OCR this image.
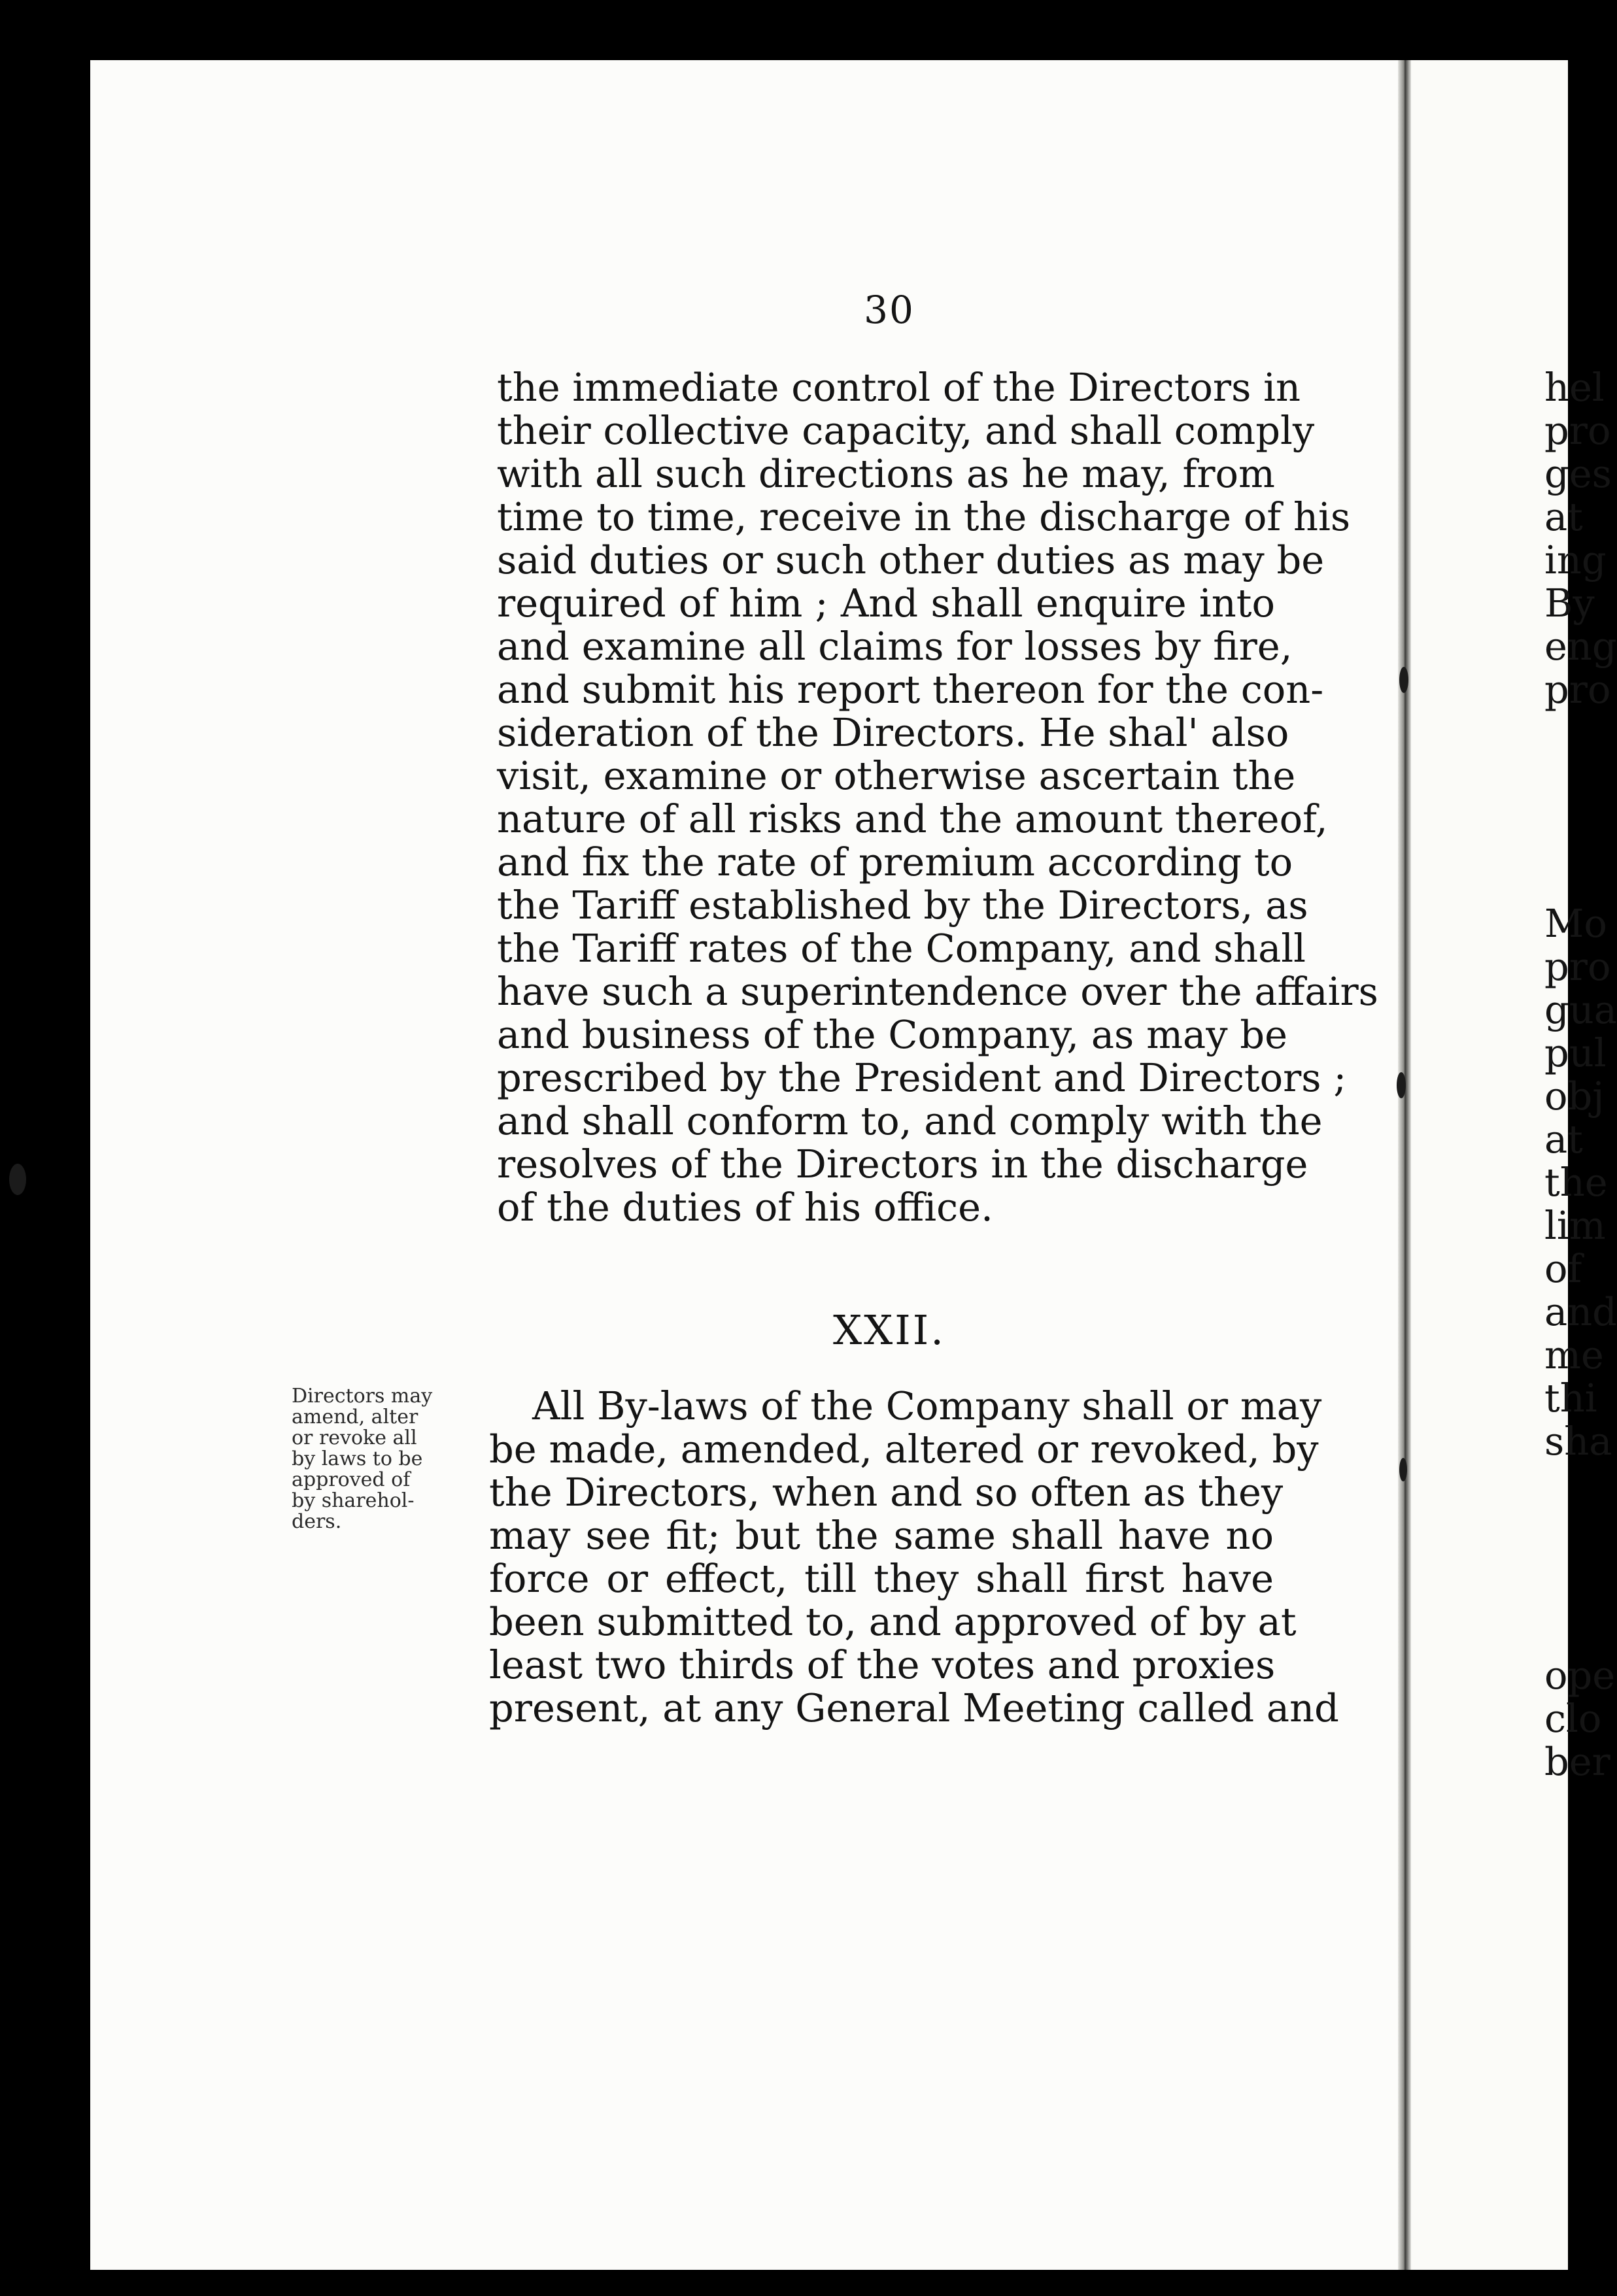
30
the immediate control of the Directors in
their collective capacity, and shall comply
with all such directions as he may, from
time to time, receive in the discharge of his
said duties or such other duties as may be
required of him ; And shall enquire into
and examine all claims for losses by fire,
and submit his report thereon for the con-
sideration of the Directors. He shal' also
visit, examine or otherwise ascertain the
nature of all risks and the amount thereof,
and fix the rate of premium according to
the Tariff established by the Directors, as
the Tariff rates of the Company, and shall
have such a superintendence over the affairs
and business of the Company, as may be
prescribed by the President and Directors ;
and shall conform to, and comply with the
resolves of the Directors in the discharge
of the duties of his office.
XXII.
Directors may
amend, alter
or revoke all
by laws to be
approved of
by sharehol-
ders.
All By-laws of the Company shall or may
be made, amended, altered or revoked, by
the Directors, when and so often as they
may see fit; but the same shall have no
force or effect, till they shall first have
been submitted to, and approved of by at
least two thirds of the votes and proxies
present, at any General Meeting called and
hel
pro
ges
at
ing
By
eng
pro
Mo
pro
gua
pul
obj
at
the
lim
of
and
me
thi
sha
ope
clo
ber
